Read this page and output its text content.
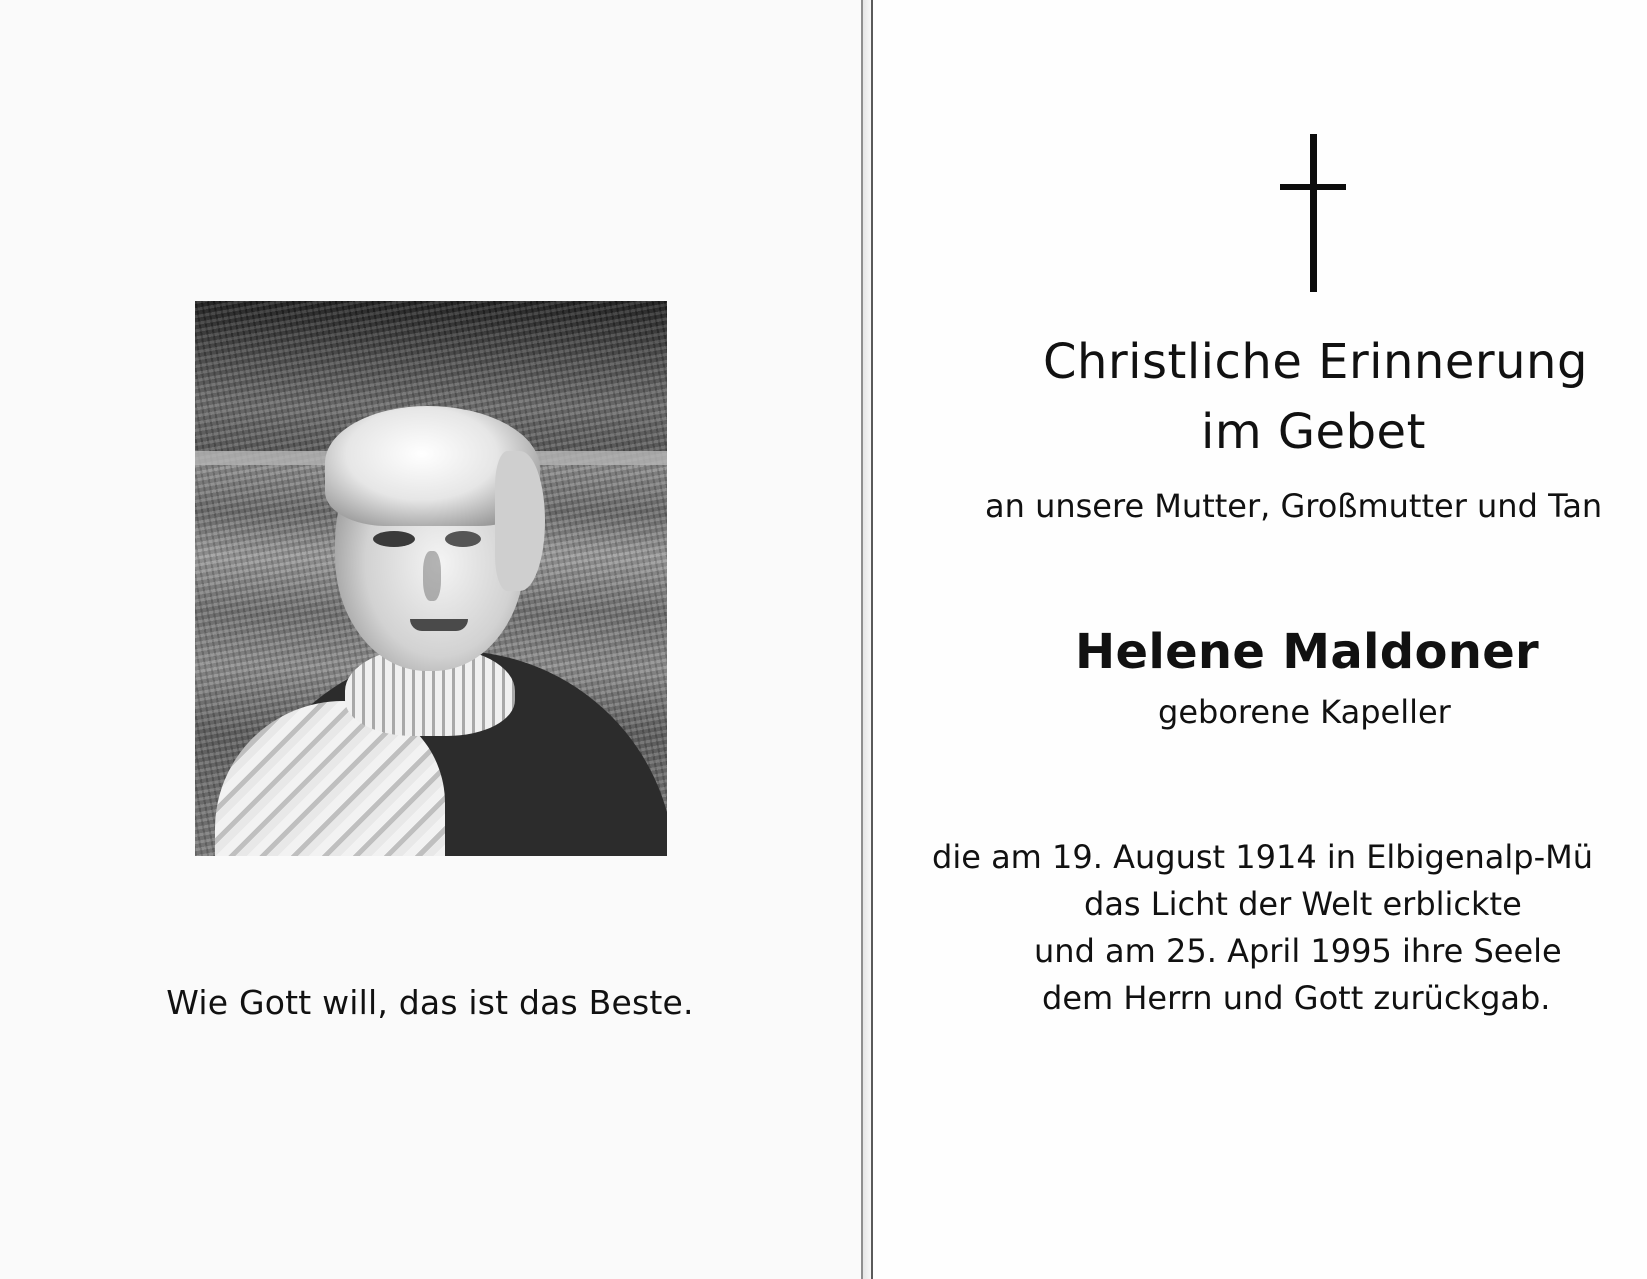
Wie Gott will, das ist das Beste.
Christliche Erinnerung
im Gebet
an unsere Mutter, Großmutter und Tan
Helene Maldoner
geborene Kapeller
die am 19. August 1914 in Elbigenalp-Mü
das Licht der Welt erblickte
und am 25. April 1995 ihre Seele
dem Herrn und Gott zurückgab.
